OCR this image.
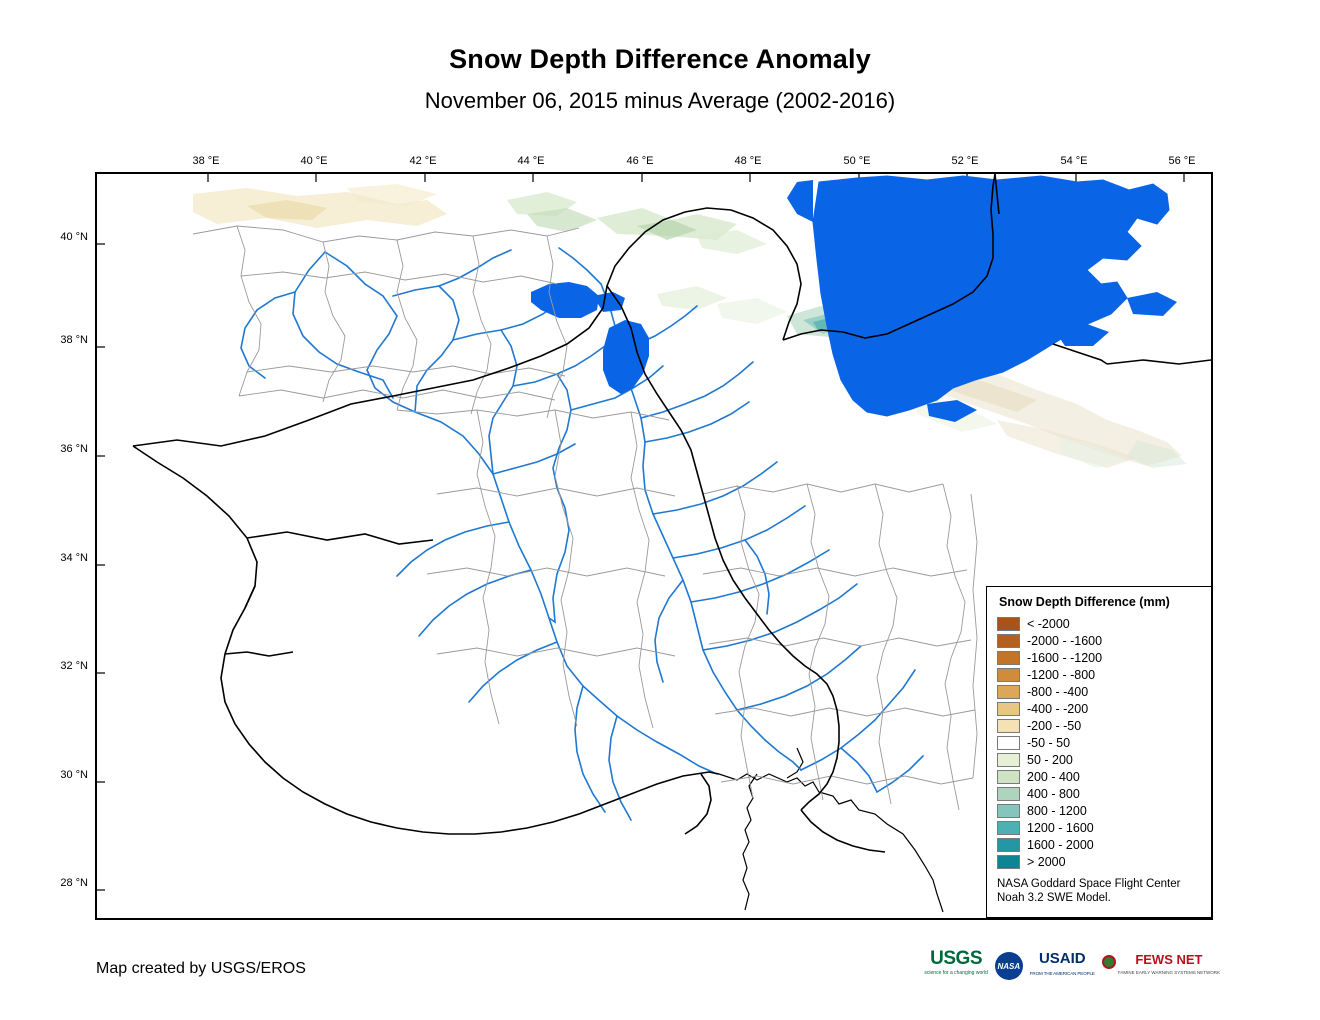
Snow Depth Difference Anomaly
November 06, 2015 minus Average (2002-2016)
38 °E	40 °E	42 °E	44 °E	46 °E	48 °E	50 °E	52 °E	54 °E	56 °E
40 °N
38 °N
36 °N
34 °N
32 °N
30 °N
28 °N
Snow Depth Difference (mm)
< -2000
-2000 - -1600
-1600 - -1200
-1200 - -800
-800 - -400
-400 - -200
-200 - -50
-50 - 50
50 - 200
200 - 400
400 - 800
800 - 1200
1200 - 1600
1600 - 2000
> 2000
NASA Goddard Space Flight Center
Noah 3.2 SWE Model.
Map created by USGS/EROS	USGS
science for a changing world
NASA USAID
FROM THE AMERICAN PEOPLE
FEWS NET
FAMINE EARLY WARNING SYSTEMS NETWORK
